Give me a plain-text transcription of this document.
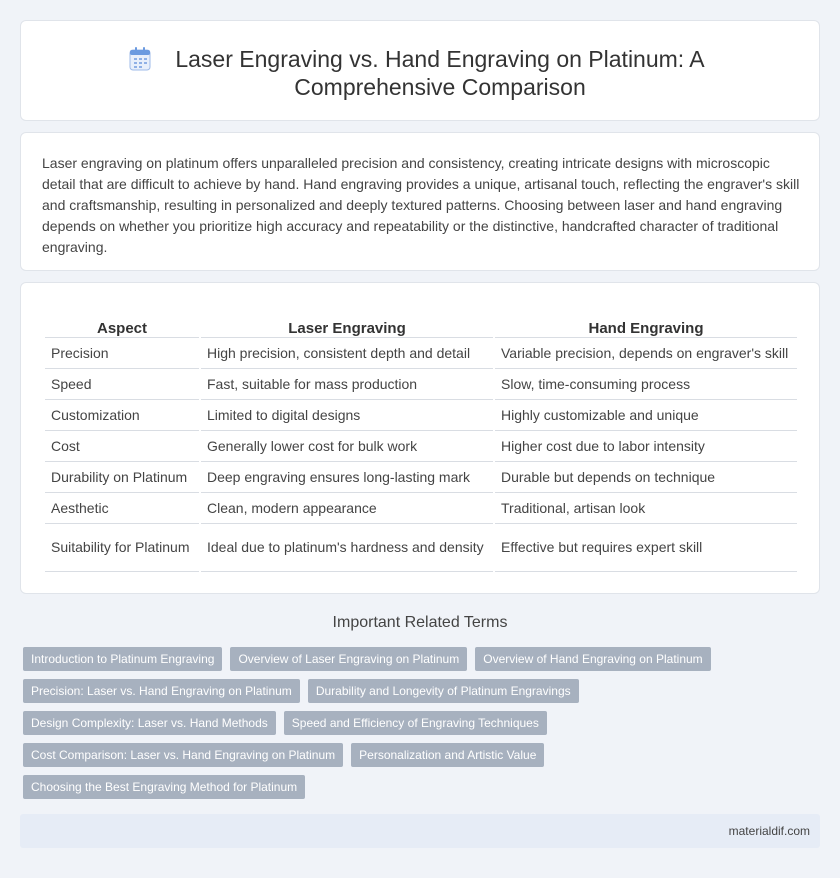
Laser Engraving vs. Hand Engraving on Platinum: A Comprehensive Comparison

Laser engraving on platinum offers unparalleled precision and consistency, creating intricate designs with microscopic detail that are difficult to achieve by hand. Hand engraving provides a unique, artisanal touch, reflecting the engraver's skill and craftsmanship, resulting in personalized and deeply textured patterns. Choosing between laser and hand engraving depends on whether you prioritize high accuracy and repeatability or the distinctive, handcrafted character of traditional engraving.

Aspect	Laser Engraving	Hand Engraving
Precision	High precision, consistent depth and detail	Variable precision, depends on engraver's skill
Speed	Fast, suitable for mass production	Slow, time-consuming process
Customization	Limited to digital designs	Highly customizable and unique
Cost	Generally lower cost for bulk work	Higher cost due to labor intensity
Durability on Platinum	Deep engraving ensures long-lasting mark	Durable but depends on technique
Aesthetic	Clean, modern appearance	Traditional, artisan look
Suitability for Platinum	Ideal due to platinum's hardness and density	Effective but requires expert skill
Important Related Terms
Introduction to Platinum Engraving	Overview of Laser Engraving on Platinum	Overview of Hand Engraving on Platinum
Precision: Laser vs. Hand Engraving on Platinum	Durability and Longevity of Platinum Engravings
Design Complexity: Laser vs. Hand Methods	Speed and Efficiency of Engraving Techniques
Cost Comparison: Laser vs. Hand Engraving on Platinum	Personalization and Artistic Value
Choosing the Best Engraving Method for Platinum
materialdif.com
